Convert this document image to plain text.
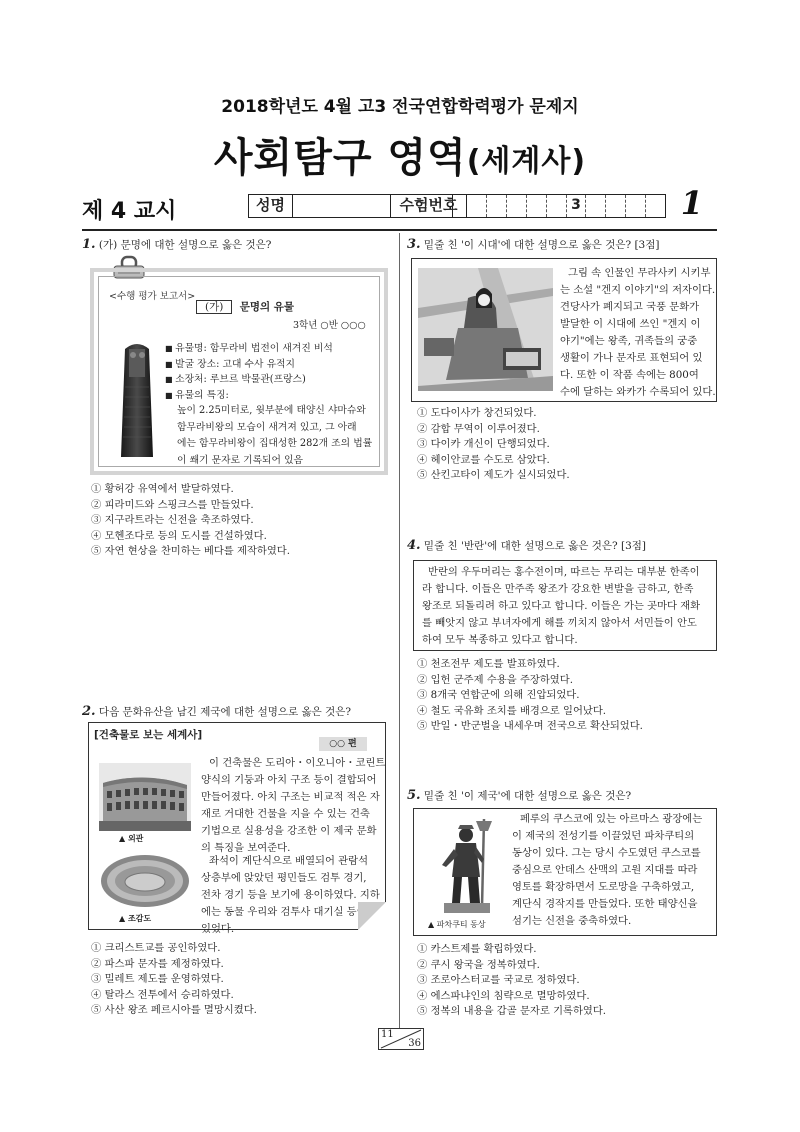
2018학년도 4월 고3 전국연합학력평가 문제지
사회탐구 영역(세계사)
제 4 교시	성명	수험번호	3	1
1. (가) 문명에 대한 설명으로 옳은 것은?
<수행 평가 보고서>
(가) 문명의 유물
3학년 ○반 ○○○
■ 유물명: 함무라비 법전이 새겨진 비석
■ 발굴 장소: 고대 수사 유적지
■ 소장처: 루브르 박물관(프랑스)
■ 유물의 특징:
높이 2.25미터로, 윗부분에 태양신 샤마슈와
함무라비왕의 모습이 새겨져 있고, 그 아래
에는 함무라비왕이 집대성한 282개 조의 법률
이 쐐기 문자로 기록되어 있음
① 황허강 유역에서 발달하였다.
② 피라미드와 스핑크스를 만들었다.
③ 지구라트라는 신전을 축조하였다.
④ 모헨조다로 등의 도시를 건설하였다.
⑤ 자연 현상을 찬미하는 베다를 제작하였다.
2. 다음 문화유산을 남긴 제국에 대한 설명으로 옳은 것은?
[건축물로 보는 세계사]
○○ 편
▲ 외관
▲ 조감도
이 건축물은 도리아・이오니아・코린트
양식의 기둥과 아치 구조 등이 결합되어
만들어졌다. 아치 구조는 비교적 적은 자
재로 거대한 건물을 지을 수 있는 건축
기법으로 실용성을 강조한 이 제국 문화
의 특징을 보여준다.
좌석이 계단식으로 배열되어 관람석
상층부에 앉았던 평민들도 검투 경기,
전차 경기 등을 보기에 용이하였다. 지하
에는 동물 우리와 검투사 대기실 등이
있었다.
① 크리스트교를 공인하였다.
② 파스파 문자를 제정하였다.
③ 밀레트 제도를 운영하였다.
④ 탈라스 전투에서 승리하였다.
⑤ 사산 왕조 페르시아를 멸망시켰다.
3. 밑줄 친 '이 시대'에 대한 설명으로 옳은 것은? [3점]
그림 속 인물인 무라사키 시키부
는 소설 "겐지 이야기"의 저자이다.
견당사가 폐지되고 국풍 문화가
발달한 이 시대에 쓰인 "겐지 이
야기"에는 왕족, 귀족들의 궁중
생활이 가나 문자로 표현되어 있
다. 또한 이 작품 속에는 800여
수에 달하는 와카가 수록되어 있다.
① 도다이사가 창건되었다.
② 감합 무역이 이루어졌다.
③ 다이카 개신이 단행되었다.
④ 헤이안쿄를 수도로 삼았다.
⑤ 산킨고타이 제도가 실시되었다.
4. 밑줄 친 '반란'에 대한 설명으로 옳은 것은? [3점]
반란의 우두머리는 홍수전이며, 따르는 무리는 대부분 한족이
라 합니다. 이들은 만주족 왕조가 강요한 변발을 금하고, 한족
왕조로 되돌리려 하고 있다고 합니다. 이들은 가는 곳마다 재화
를 빼앗지 않고 부녀자에게 해를 끼치지 않아서 서민들이 안도
하여 모두 복종하고 있다고 합니다.
① 천조전무 제도를 발표하였다.
② 입헌 군주제 수용을 주장하였다.
③ 8개국 연합군에 의해 진압되었다.
④ 철도 국유화 조치를 배경으로 일어났다.
⑤ 반일・반군벌을 내세우며 전국으로 확산되었다.
5. 밑줄 친 '이 제국'에 대한 설명으로 옳은 것은?
▲ 파차쿠티 동상
페루의 쿠스코에 있는 아르마스 광장에는
이 제국의 전성기를 이끌었던 파차쿠티의
동상이 있다. 그는 당시 수도였던 쿠스코를
중심으로 안데스 산맥의 고원 지대를 따라
영토를 확장하면서 도로망을 구축하였고,
계단식 경작지를 만들었다. 또한 태양신을
섬기는 신전을 중축하였다.
① 카스트제를 확립하였다.
② 쿠시 왕국을 정복하였다.
③ 조로아스터교를 국교로 정하였다.
④ 에스파냐인의 침략으로 멸망하였다.
⑤ 정복의 내용을 갑골 문자로 기록하였다.
11
36
